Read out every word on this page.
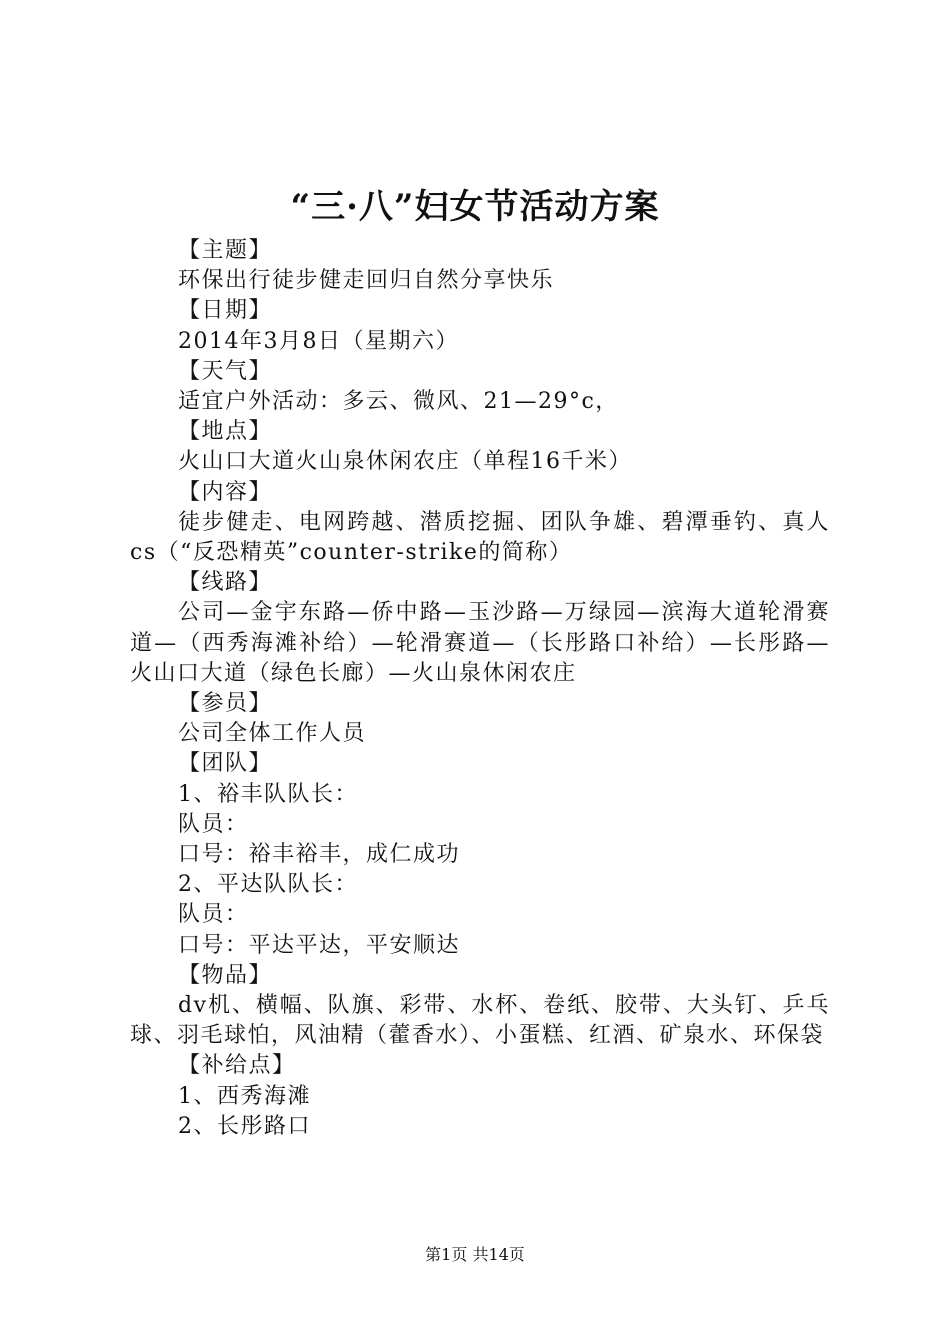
“三·八”妇女节活动方案

【主题】

环保出行徒步健走回归自然分享快乐

【日期】

2014年3月8日（星期六）

【天气】

适宜户外活动：多云、微风、21—29°c，

【地点】

火山口大道火山泉休闲农庄（单程16千米）

【内容】

徒步健走、电网跨越、潜质挖掘、团队争雄、碧潭垂钓、真人cs（“反恐精英”counter-strike的简称）

【线路】

公司—金宇东路—侨中路—玉沙路—万绿园—滨海大道轮滑赛道—（西秀海滩补给）—轮滑赛道—（长彤路口补给）—长彤路—火山口大道（绿色长廊）—火山泉休闲农庄

【参员】

公司全体工作人员

【团队】

1、裕丰队队长：

队员：

口号：裕丰裕丰，成仁成功

2、平达队队长：

队员：

口号：平达平达，平安顺达

【物品】

dv机、横幅、队旗、彩带、水杯、卷纸、胶带、大头钉、乒乓球、羽毛球怕，风油精（藿香水）、小蛋糕、红酒、矿泉水、环保袋

【补给点】

1、西秀海滩

2、长彤路口

第1页 共14页
